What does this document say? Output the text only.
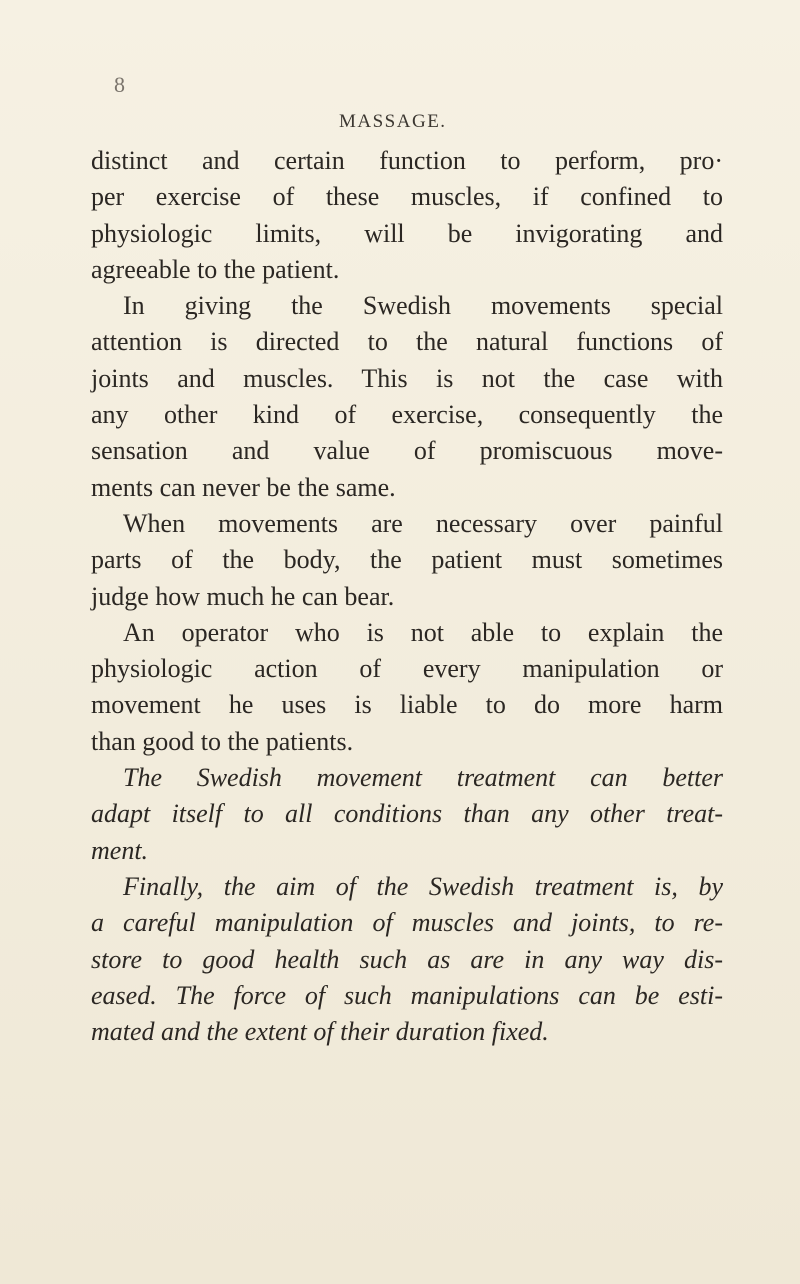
8
MASSAGE.
distinct and certain function to perform, pro·
per exercise of these muscles, if confined to
physiologic limits, will be invigorating and
agreeable to the patient.
In giving the Swedish movements special
attention is directed to the natural functions of
joints and muscles. This is not the case with
any other kind of exercise, consequently the
sensation and value of promiscuous move-
ments can never be the same.
When movements are necessary over painful
parts of the body, the patient must sometimes
judge how much he can bear.
An operator who is not able to explain the
physiologic action of every manipulation or
movement he uses is liable to do more harm
than good to the patients.
The Swedish movement treatment can better
adapt itself to all conditions than any other treat-
ment.
Finally, the aim of the Swedish treatment is, by
a careful manipulation of muscles and joints, to re-
store to good health such as are in any way dis-
eased. The force of such manipulations can be esti-
mated and the extent of their duration fixed.
